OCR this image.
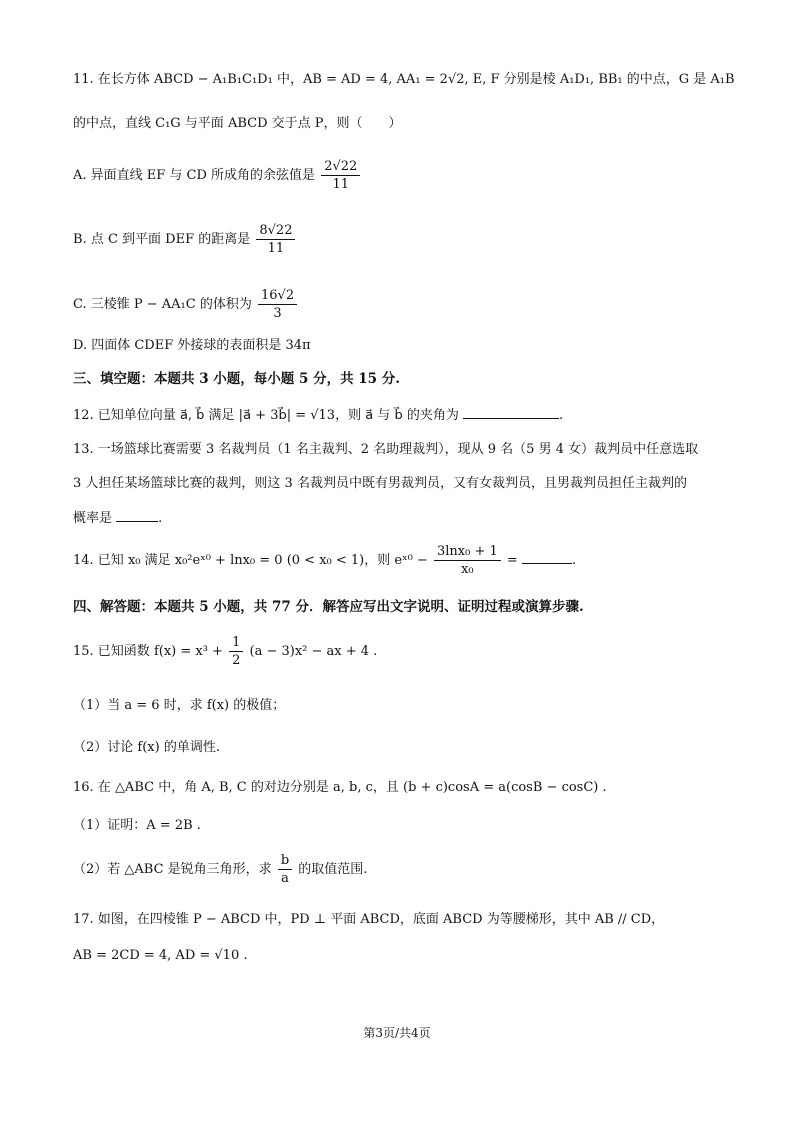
11. 在长方体 ABCD − A₁B₁C₁D₁ 中，AB = AD = 4, AA₁ = 2√2, E, F 分别是棱 A₁D₁, BB₁ 的中点，G 是 A₁B
的中点，直线 C₁G 与平面 ABCD 交于点 P，则（　　）
A. 异面直线 EF 与 CD 所成角的余弦值是 $\frac{2√22}{11}$
B. 点 C 到平面 DEF 的距离是 $\frac{8√22}{11}$
C. 三棱锥 P − AA₁C 的体积为 $\frac{16√2}{3}$
D. 四面体 CDEF 外接球的表面积是 34π
三、填空题：本题共 3 小题，每小题 5 分，共 15 分.
12. 已知单位向量 a⃗, b⃗ 满足 |a⃗ + 3b⃗| = √13，则 a⃗ 与 b⃗ 的夹角为	.
13. 一场篮球比赛需要 3 名裁判员（1 名主裁判、2 名助理裁判），现从 9 名（5 男 4 女）裁判员中任意选取
3 人担任某场篮球比赛的裁判，则这 3 名裁判员中既有男裁判员，又有女裁判员，且男裁判员担任主裁判的
概率是	.
14. 已知 x₀ 满足 x₀²eˣ⁰ + lnx₀ = 0 (0 < x₀ < 1)，则 eˣ⁰ − $\frac{\text{3lnx₀ + 1}}{\text{x₀}}$ =	.
四、解答题：本题共 5 小题，共 77 分．解答应写出文字说明、证明过程或演算步骤.
15. 已知函数 $f(x) = x^3 + \frac{1}{2} (a - 3)x^2$ − ax + 4 .
（1）当 a = 6 时，求 f(x) 的极值；
（2）讨论 f(x) 的单调性.
16. 在 △ABC 中，角 A, B, C 的对边分别是 a, b, c，且 (b + c)cosA = a(cosB − cosC) .
（1）证明：A = 2B .
（2）若 △ABC 是锐角三角形，求 $\frac{b}{a}$ 的取值范围.
17. 如图，在四棱锥 P − ABCD 中，PD ⊥ 平面 ABCD，底面 ABCD 为等腰梯形，其中 AB // CD，
AB = 2CD = 4, AD = √10 .
第3页/共4页
